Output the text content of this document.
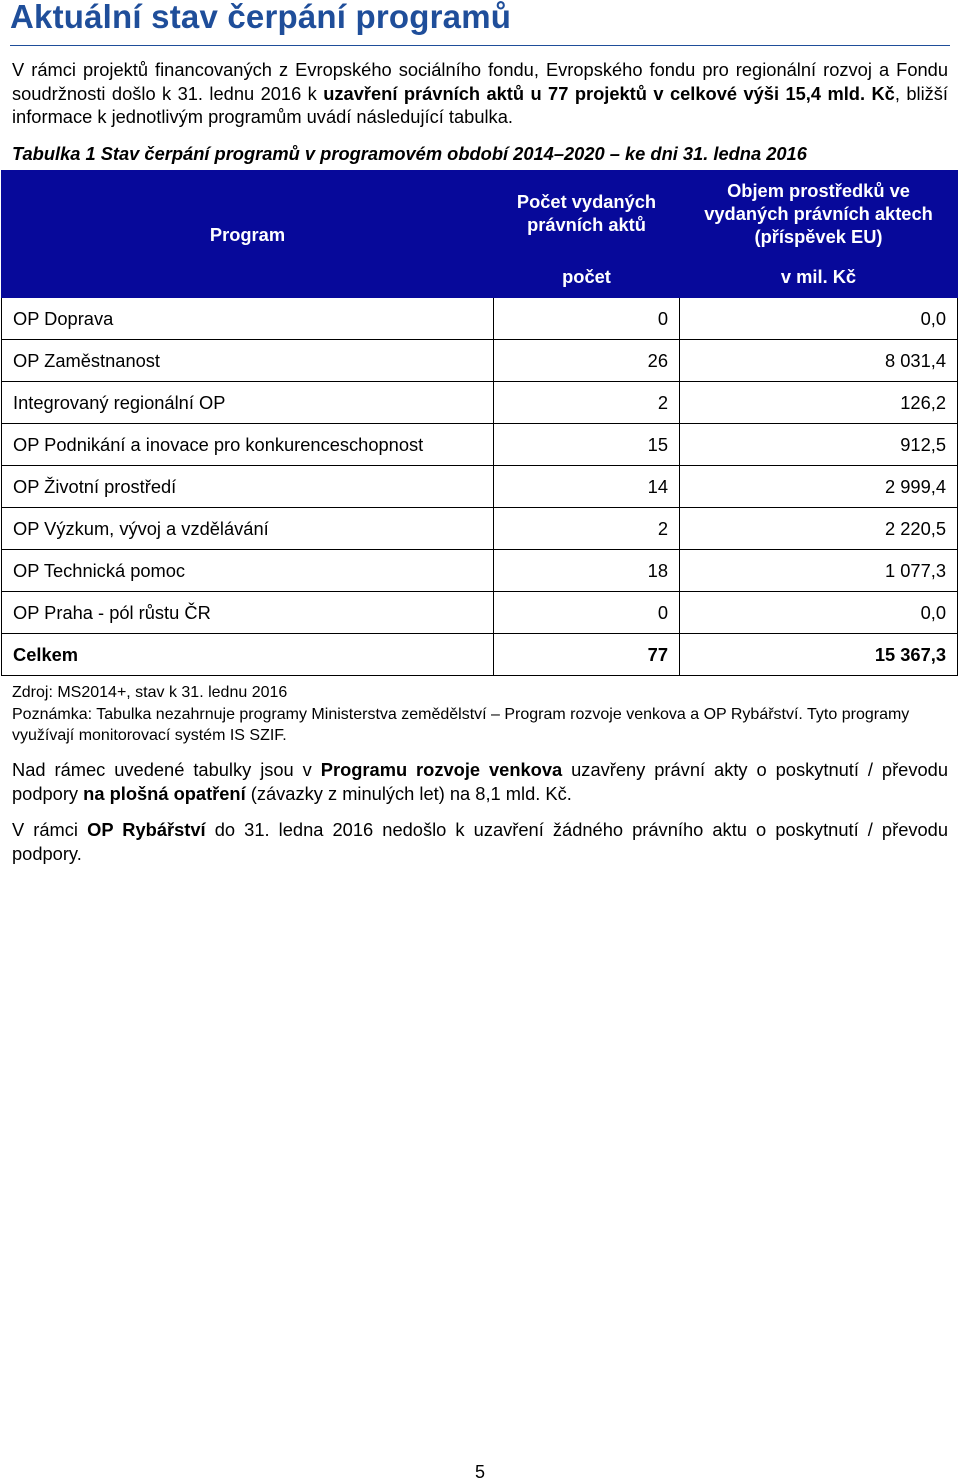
Aktuální stav čerpání programů
V rámci projektů financovaných z Evropského sociálního fondu, Evropského fondu pro regionální rozvoj a Fondu soudržnosti došlo k 31. lednu 2016 k uzavření právních aktů u 77 projektů v celkové výši 15,4 mld. Kč, bližší informace k jednotlivým programům uvádí následující tabulka.
Tabulka 1 Stav čerpání programů v programovém období 2014–2020 – ke dni 31. ledna 2016
Program	Počet vydaných právních aktů	Objem prostředků ve vydaných právních aktech (příspěvek EU)
	počet	v mil. Kč
OP Doprava	0	0,0
OP Zaměstnanost	26	8 031,4
Integrovaný regionální OP	2	126,2
OP Podnikání a inovace pro konkurenceschopnost	15	912,5
OP Životní prostředí	14	2 999,4
OP Výzkum, vývoj a vzdělávání	2	2 220,5
OP Technická pomoc	18	1 077,3
OP Praha - pól růstu ČR	0	0,0
Celkem	77	15 367,3
Zdroj: MS2014+, stav k 31. lednu 2016
Poznámka: Tabulka nezahrnuje programy Ministerstva zemědělství – Program rozvoje venkova a OP Rybářství. Tyto programy využívají monitorovací systém IS SZIF.
Nad rámec uvedené tabulky jsou v Programu rozvoje venkova uzavřeny právní akty o poskytnutí / převodu podpory na plošná opatření (závazky z minulých let) na 8,1 mld. Kč.
V rámci OP Rybářství do 31. ledna 2016 nedošlo k uzavření žádného právního aktu o poskytnutí / převodu podpory.
5
